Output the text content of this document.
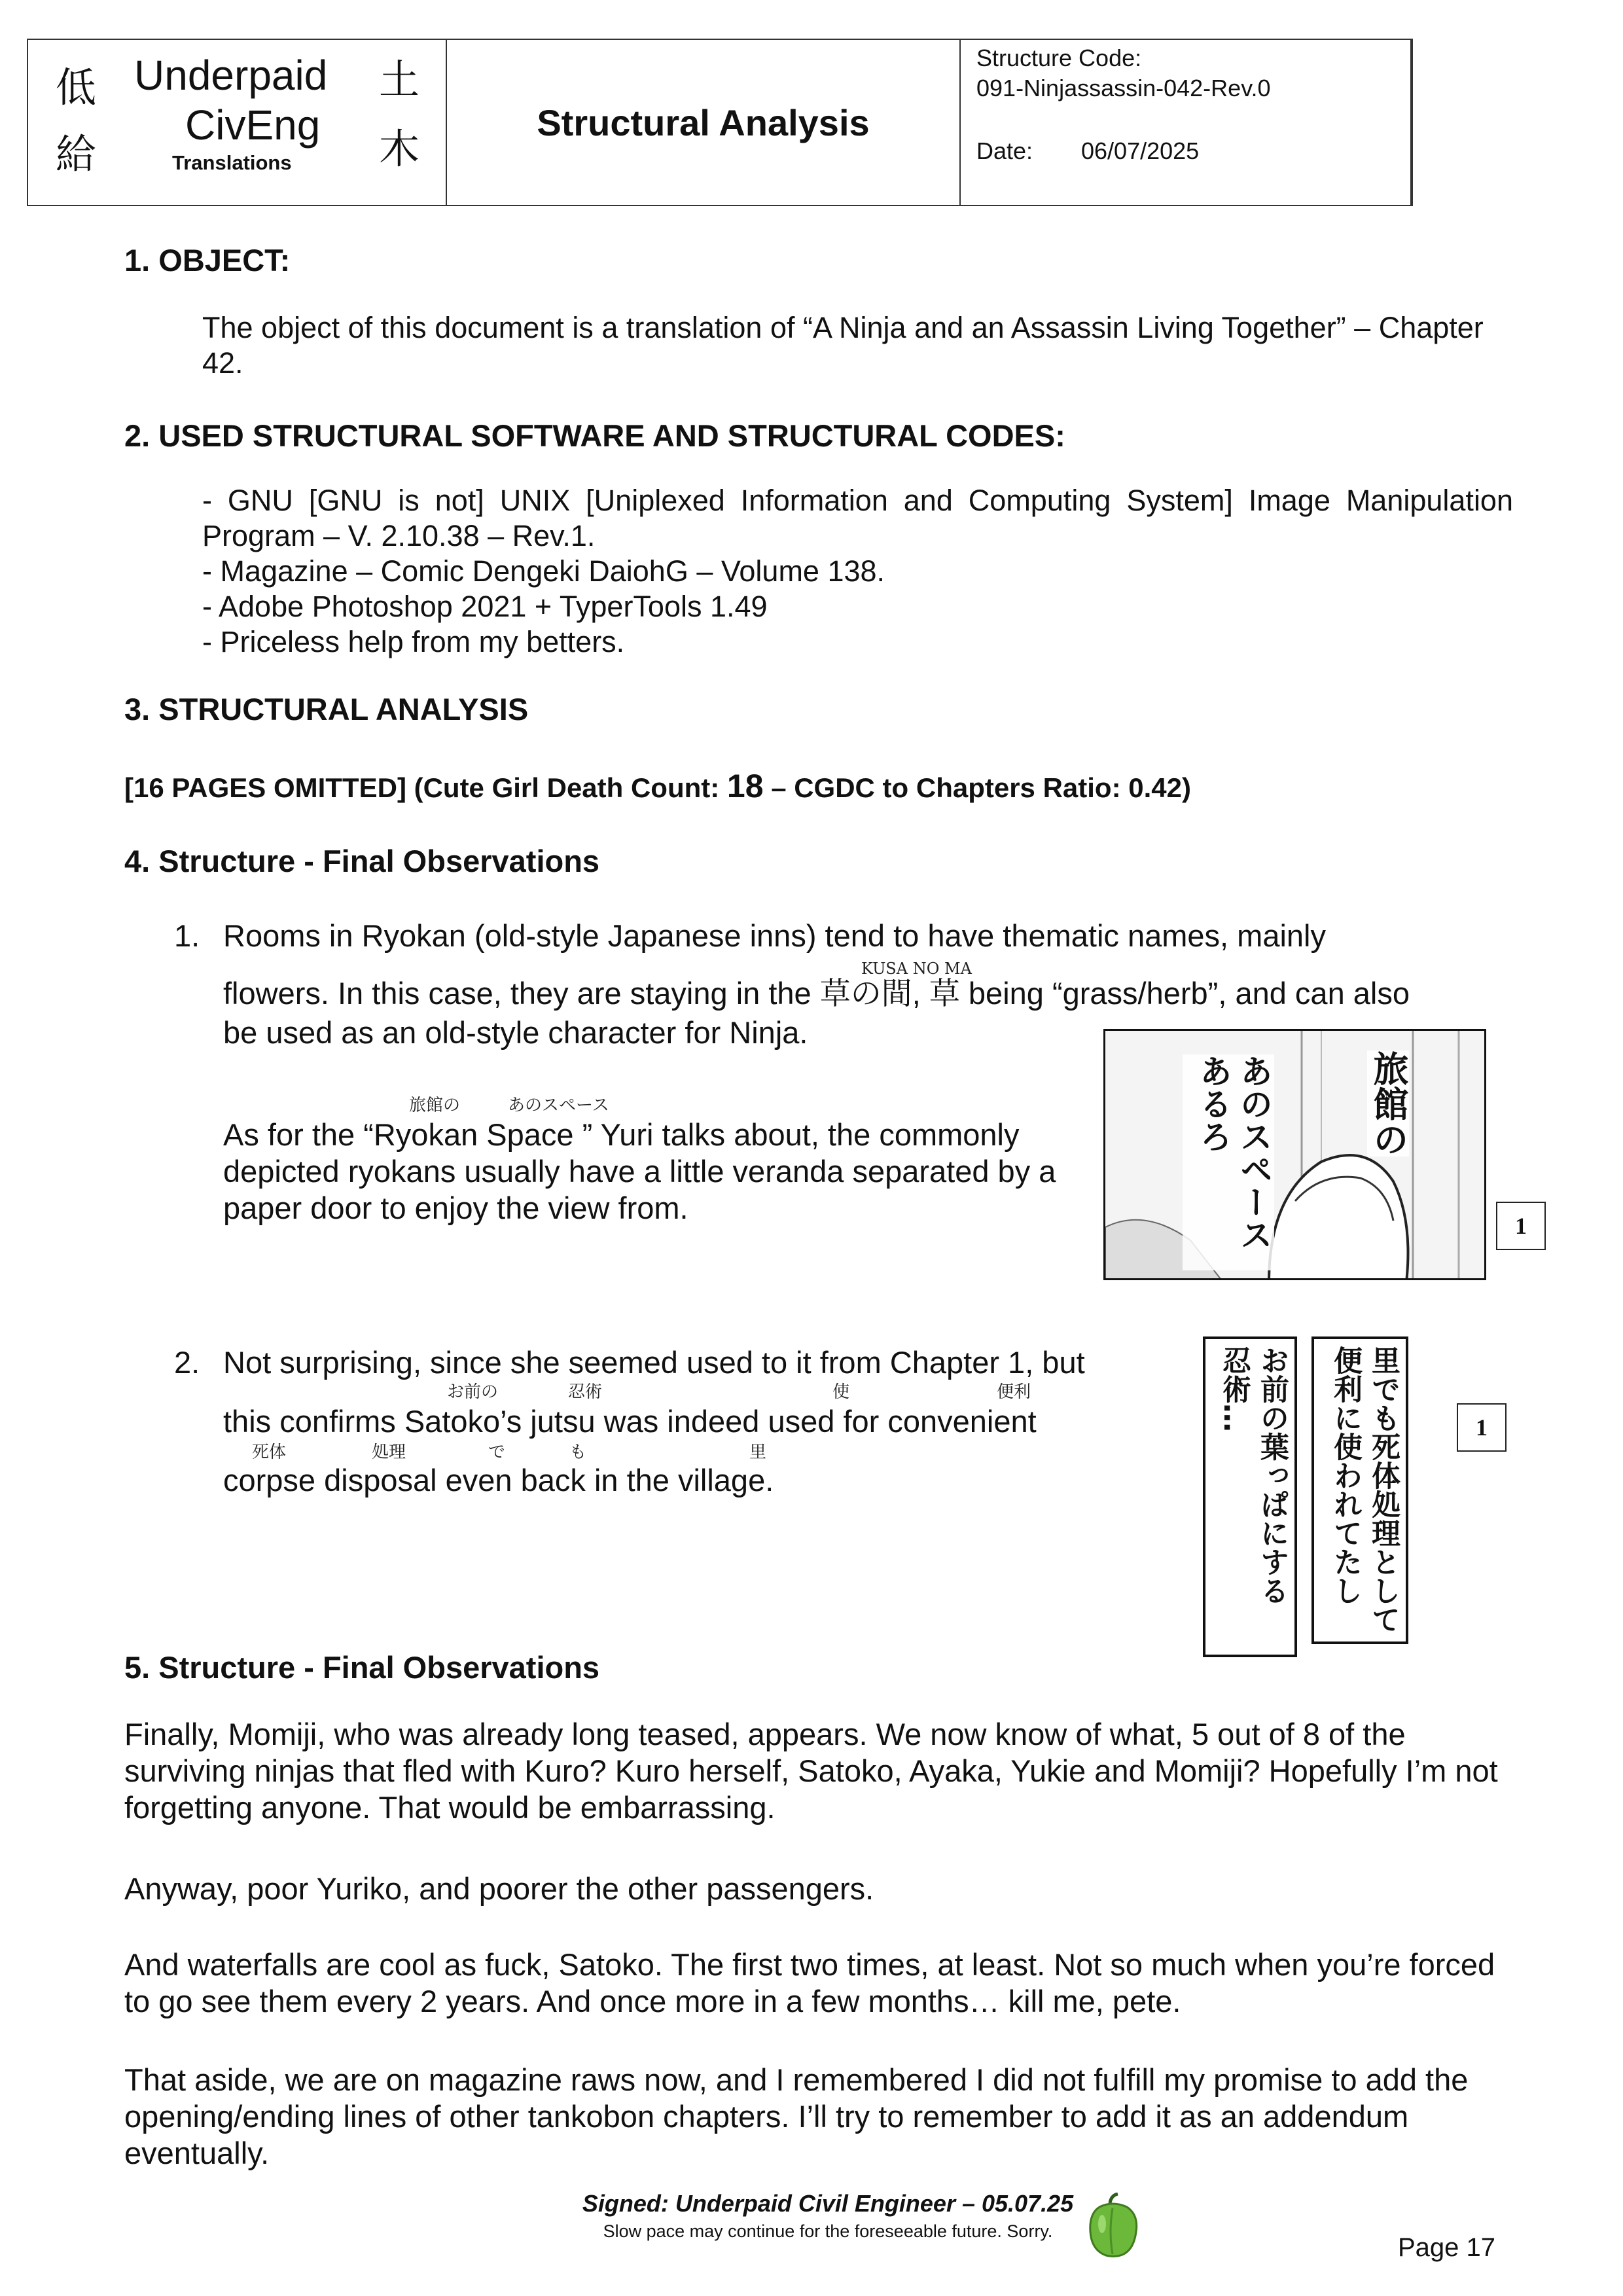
低
給
Underpaid
CivEng
Translations
土
木
Structural Analysis
Structure Code:
091-Ninjassassin-042-Rev.0
Date: 06/07/2025
1. OBJECT:
The object of this document is a translation of “A Ninja and an Assassin Living Together” – Chapter 42.
2. USED STRUCTURAL SOFTWARE AND STRUCTURAL CODES:
- GNU [GNU is not] UNIX [Uniplexed Information and Computing System] Image Manipulation Program – V. 2.10.38 – Rev.1.
- Magazine – Comic Dengeki DaiohG – Volume 138.
- Adobe Photoshop 2021 + TyperTools 1.49
- Priceless help from my betters.
3. STRUCTURAL ANALYSIS
[16 PAGES OMITTED] (Cute Girl Death Count: 18 – CGDC to Chapters Ratio: 0.42)
4. Structure - Final Observations
1. Rooms in Ryokan (old-style Japanese inns) tend to have thematic names, mainly
KUSA NO MA
flowers. In this case, they are staying in the 草の間, 草 being “grass/herb”, and can also
be used as an old-style character for Ninja.
旅館の	あのスペース
As for the “Ryokan Space ” Yuri talks about, the commonly depicted ryokans usually have a little veranda separated by a paper door to enjoy the view from.
旅館の
あのスペースあるろ
1
2. Not surprising, since she seemed used to it from Chapter 1, but
お前の	忍術	使	便利
this confirms Satoko’s jutsu was indeed used for convenient
死体	処理	で	も	里
corpse disposal even back in the village.	お前の葉っぱにする
忍術…	里でも死体処理として
便利に使われてたし	1
5. Structure - Final Observations
Finally, Momiji, who was already long teased, appears. We now know of what, 5 out of 8 of the surviving ninjas that fled with Kuro? Kuro herself, Satoko, Ayaka, Yukie and Momiji? Hopefully I’m not forgetting anyone. That would be embarrassing.
Anyway, poor Yuriko, and poorer the other passengers.
And waterfalls are cool as fuck, Satoko. The first two times, at least. Not so much when you’re forced to go see them every 2 years. And once more in a few months… kill me, pete.
That aside, we are on magazine raws now, and I remembered I did not fulfill my promise to add the opening/ending lines of other tankobon chapters. I’ll try to remember to add it as an addendum eventually.
Signed: Underpaid Civil Engineer – 05.07.25
Slow pace may continue for the foreseeable future. Sorry.
Page 17
